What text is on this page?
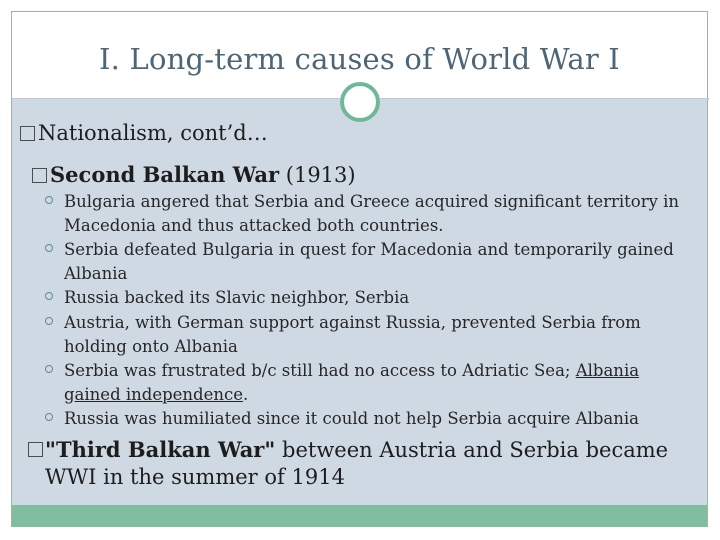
I. Long-term causes of World War I
Nationalism, cont’d…
Second Balkan War (1913)
Bulgaria angered that Serbia and Greece acquired significant territory in Macedonia and thus attacked both countries.
Serbia defeated Bulgaria in quest for Macedonia and temporarily gained Albania
Russia backed its Slavic neighbor, Serbia
Austria, with German support against Russia, prevented Serbia from holding onto Albania
Serbia was frustrated b/c still had no access to Adriatic Sea; Albania gained independence.
Russia was humiliated since it could not help Serbia acquire Albania
"Third Balkan War" between Austria and Serbia became WWI in the summer of 1914
